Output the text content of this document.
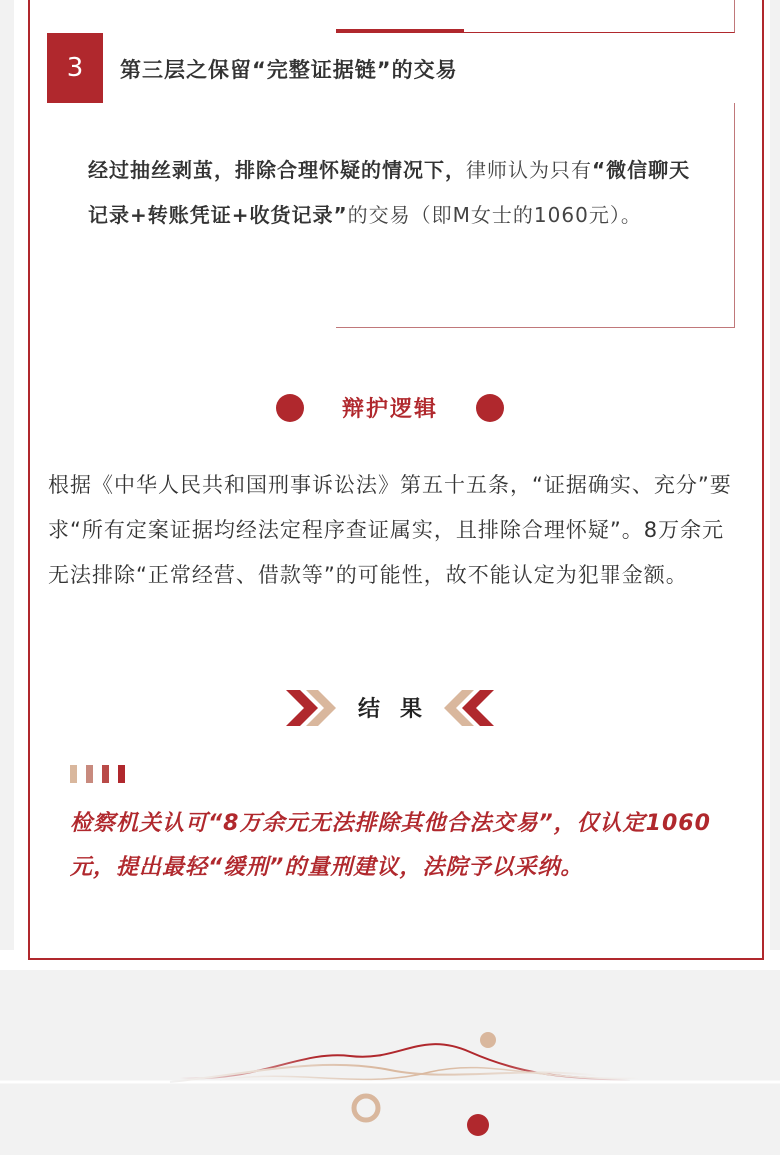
3 第三层之保留“完整证据链”的交易
经过抽丝剥茧，排除合理怀疑的情况下，律师认为只有“微信聊天记录+转账凭证+收货记录”的交易（即M女士的1060元）。
辩护逻辑
根据《中华人民共和国刑事诉讼法》第五十五条，“证据确实、充分”要求“所有定案证据均经法定程序查证属实，且排除合理怀疑”。8万余元无法排除“正常经营、借款等”的可能性，故不能认定为犯罪金额。
结果
检察机关认可“8万余元无法排除其他合法交易”，仅认定1060元，提出最轻“缓刑”的量刑建议，法院予以采纳。
